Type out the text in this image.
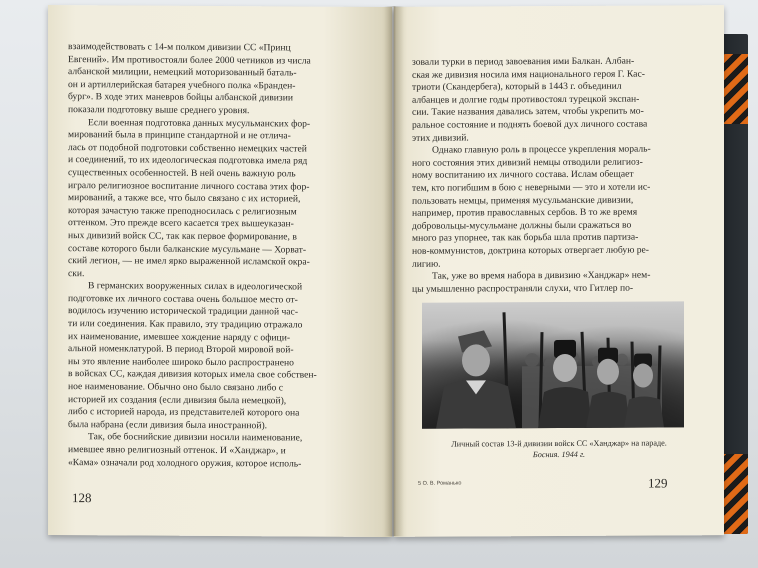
взаимодействовать с 14-м полком дивизии СС «Принц

Евгений». Им противостояли более 2000 четников из числа

албанской милиции, немецкий моторизованный баталь-

он и артиллерийская батарея учебного полка «Бранден-

бург». В ходе этих маневров бойцы албанской дивизии

показали подготовку выше среднего уровня.

Если военная подготовка данных мусульманских фор-

мирований была в принципе стандартной и не отлича-

лась от подобной подготовки собственно немецких частей

и соединений, то их идеологическая подготовка имела ряд

существенных особенностей. В ней очень важную роль

играло религиозное воспитание личного состава этих фор-

мирований, а также все, что было связано с их историей,

которая зачастую также преподносилась с религиозным

оттенком. Это прежде всего касается трех вышеуказан-

ных дивизий войск СС, так как первое формирование, в

составе которого были балканские мусульмане — Хорват-

ский легион, — не имел ярко выраженной исламской окра-

ски.

В германских вооруженных силах в идеологической

подготовке их личного состава очень большое место от-

водилось изучению исторической традиции данной час-

ти или соединения. Как правило, эту традицию отражало

их наименование, имевшее хождение наряду с офици-

альной номенклатурой. В период Второй мировой вой-

ны это явление наиболее широко было распространено

в войсках СС, каждая дивизия которых имела свое собствен-

ное наименование. Обычно оно было связано либо с

историей их создания (если дивизия была немецкой),

либо с историей народа, из представителей которого она

была набрана (если дивизия была иностранной).

Так, обе боснийские дивизии носили наименование,

имевшее явно религиозный оттенок. И «Ханджар», и

«Кама» означали род холодного оружия, которое исполь-

128

зовали турки в период завоевания ими Балкан. Албан-

ская же дивизия носила имя национального героя Г. Кас-

триоти (Скандербега), который в 1443 г. объединил

албанцев и долгие годы противостоял турецкой экспан-

сии. Такие названия давались затем, чтобы укрепить мо-

ральное состояние и поднять боевой дух личного состава

этих дивизий.

Однако главную роль в процессе укрепления мораль-

ного состояния этих дивизий немцы отводили религиоз-

ному воспитанию их личного состава. Ислам обещает

тем, кто погибшим в бою с неверными — это и хотели ис-

пользовать немцы, применяя мусульманские дивизии,

например, против православных сербов. В то же время

добровольцы-мусульмане должны были сражаться во

много раз упорнее, так как борьба шла против партиза-

нов-коммунистов, доктрина которых отвергает любую ре-

лигию.

Так, уже во время набора в дивизию «Ханджар» нем-

цы умышленно распространяли слухи, что Гитлер по-

Личный состав 13-й дивизии войск СС «Ханджар» на параде.
Босния. 1944 г.
5 О. В. Романько	129
